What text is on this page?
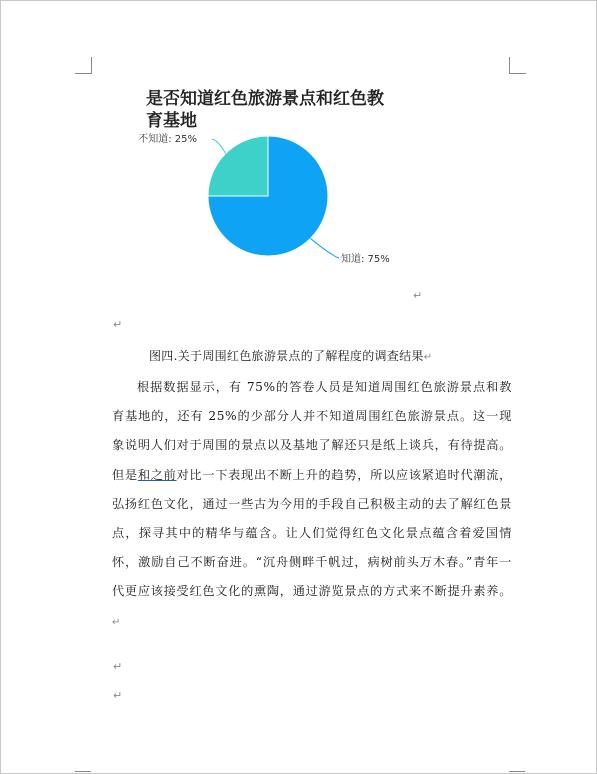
是否知道红色旅游景点和红色教育基地
知道: 75%
不知道: 25%
↵
↵
图四.关于周围红色旅游景点的了解程度的调查结果↵
根据数据显示，有 75%的答卷人员是知道周围红色旅游景点和教育基地的，还有 25%的少部分人并不知道周围红色旅游景点。这一现象说明人们对于周围的景点以及基地了解还只是纸上谈兵，有待提高。但是和之前对比一下表现出不断上升的趋势，所以应该紧追时代潮流，弘扬红色文化，通过一些古为今用的手段自己积极主动的去了解红色景点，探寻其中的精华与蕴含。让人们觉得红色文化景点蕴含着爱国情怀，激励自己不断奋进。“沉舟侧畔千帆过，病树前头万木春。”青年一代更应该接受红色文化的熏陶，通过游览景点的方式来不断提升素养。↵
↵
↵
